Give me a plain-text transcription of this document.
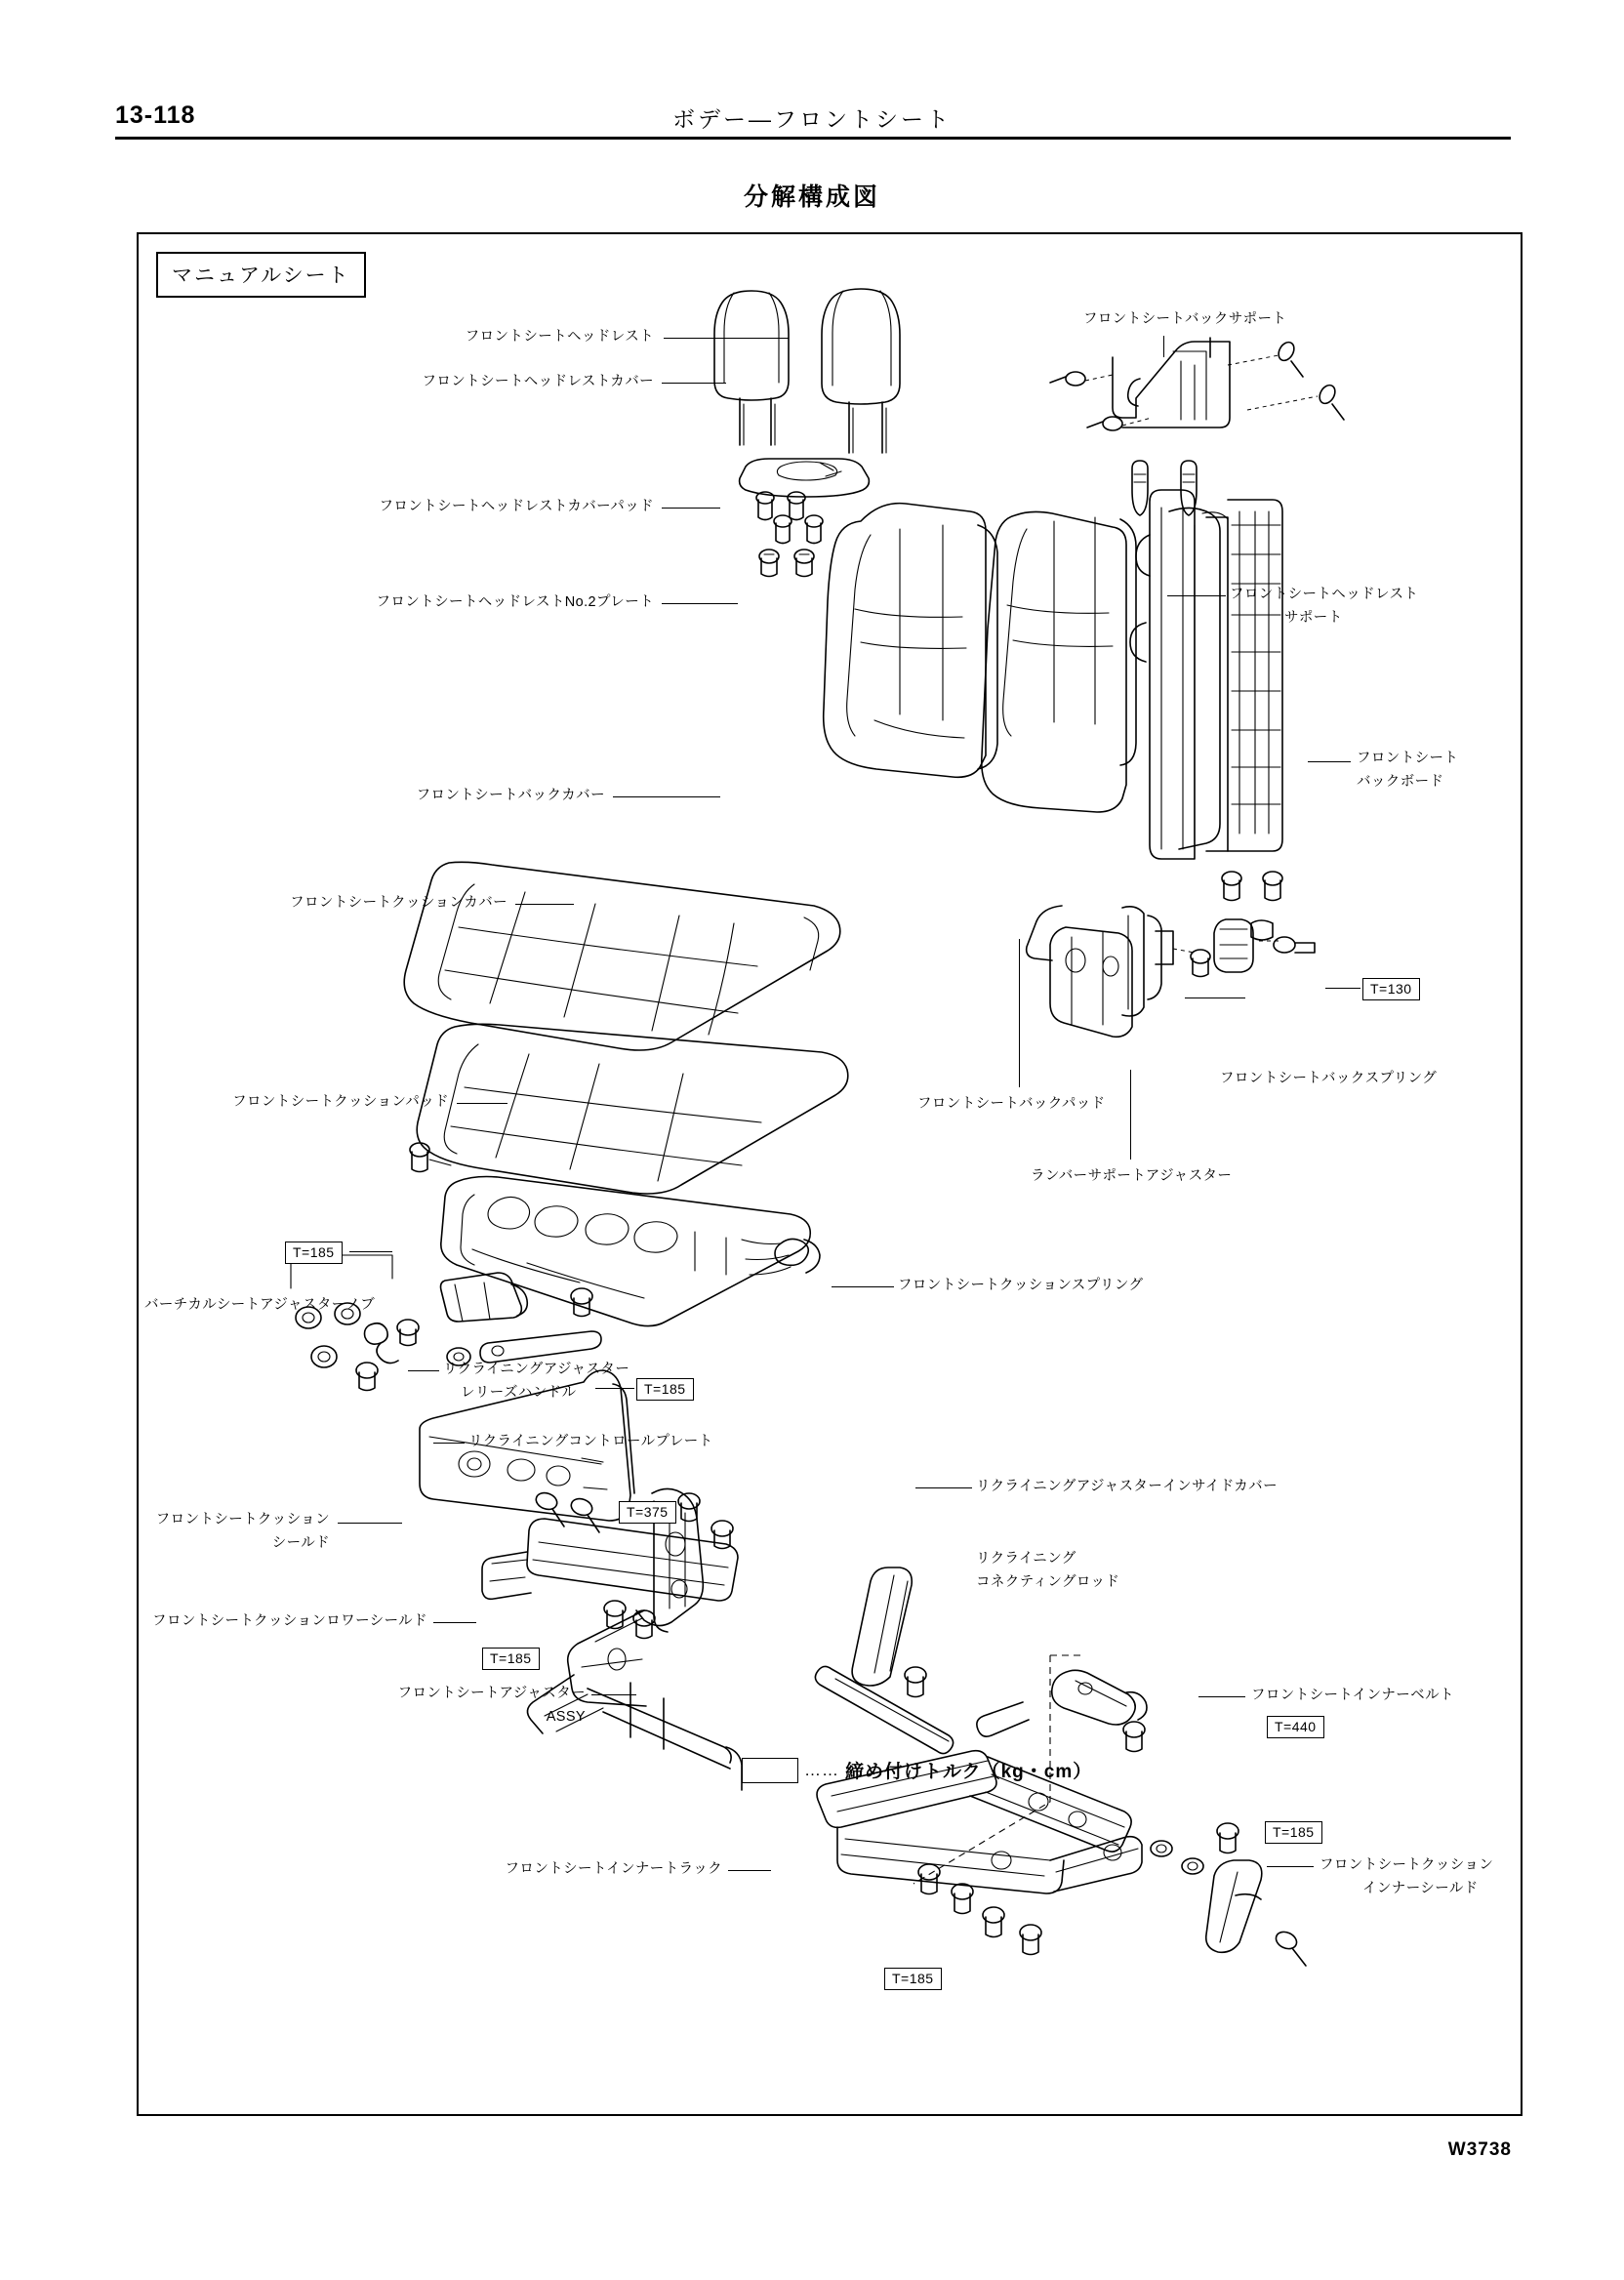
13-118	ボデー—フロントシート
分解構成図
マニュアルシート
フロントシートヘッドレスト
フロントシートヘッドレストカバー
フロントシートヘッドレストカバーパッド
フロントシートヘッドレストNo.2プレート
フロントシートバックサポート
フロントシートヘッドレスト
サポート
フロントシート
バックボード
フロントシートバックカバー
フロントシートクッションカバー
フロントシートクッションパッド	フロントシートバックパッド
フロントシートバックスプリング
ランバーサポートアジャスター
フロントシートクッションスプリング
バーチカルシートアジャスターノブ
リクライニングアジャスター
レリーズハンドル
リクライニングコントロールプレート
リクライニングアジャスターインサイドカバー
リクライニング
コネクティングロッド
フロントシートクッション
シールド
フロントシートクッションロワーシールド
フロントシートアジャスター
ASSY
フロントシートインナーベルト
フロントシートインナートラック	フロントシートクッション
インナーシールド
T=130
T=185
T=185
T=375
T=185
T=440
T=185
T=185
…… 締め付けトルク（kg・cm）
W3738
